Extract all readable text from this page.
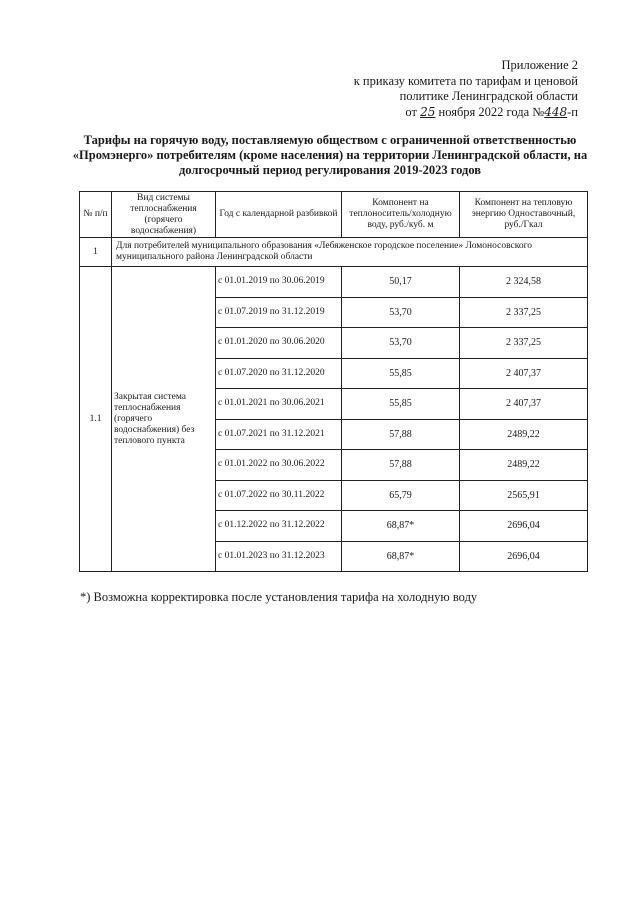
Приложение 2
к приказу комитета по тарифам и ценовой
политике Ленинградской области
от 25 ноября 2022 года №448-п
Тарифы на горячую воду, поставляемую обществом с ограниченной ответственностью
«Промэнерго» потребителям (кроме населения) на территории Ленинградской области, на
долгосрочный период регулирования 2019-2023 годов
№ п/п	Вид системы теплоснабжения (горячего водоснабжения)	Год с календарной разбивкой	Компонент на теплоноситель/холодную воду, руб./куб. м	Компонент на тепловую энергию Одноставочный, руб./Гкал
1	Для потребителей муниципального образования «Лебяженское городское поселение» Ломоносовского муниципального района Ленинградской области			
1.1	Закрытая система теплоснабжения (горячего водоснабжения) без теплового пункта	с 01.01.2019 по 30.06.2019	50,17	2 324,58
		с 01.07.2019 по 31.12.2019	53,70	2 337,25
		с 01.01.2020 по 30.06.2020	53,70	2 337,25
		с 01.07.2020 по 31.12.2020	55,85	2 407,37
		с 01.01.2021 по 30.06.2021	55,85	2 407,37
		с 01.07.2021 по 31.12.2021	57,88	2489,22
		с 01.01.2022 по 30.06.2022	57,88	2489,22
		с 01.07.2022 по 30.11.2022	65,79	2565,91
		с 01.12.2022 по 31.12.2022	68,87*	2696,04
		с 01.01.2023 по 31.12.2023	68,87*	2696,04
*) Возможна корректировка после установления тарифа на холодную воду
